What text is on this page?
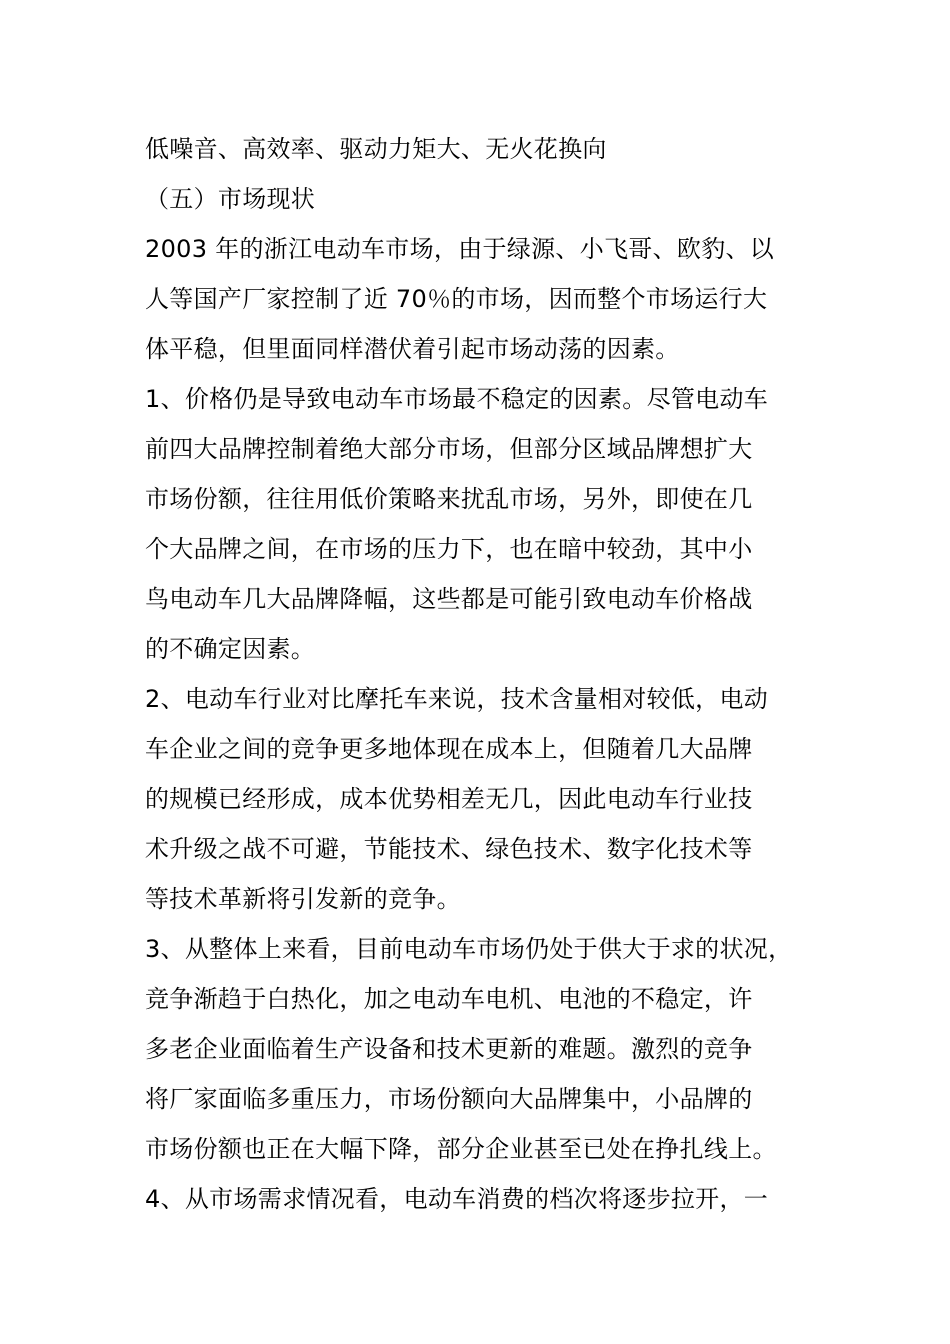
低噪音、高效率、驱动力矩大、无火花换向
（五）市场现状
2003 年的浙江电动车市场，由于绿源、小飞哥、欧豹、以
人等国产厂家控制了近 70％的市场，因而整个市场运行大
体平稳，但里面同样潜伏着引起市场动荡的因素。
1、价格仍是导致电动车市场最不稳定的因素。尽管电动车
前四大品牌控制着绝大部分市场，但部分区域品牌想扩大
市场份额，往往用低价策略来扰乱市场，另外，即使在几
个大品牌之间，在市场的压力下，也在暗中较劲，其中小
鸟电动车几大品牌降幅，这些都是可能引致电动车价格战
的不确定因素。
2、电动车行业对比摩托车来说，技术含量相对较低，电动
车企业之间的竞争更多地体现在成本上，但随着几大品牌
的规模已经形成，成本优势相差无几，因此电动车行业技
术升级之战不可避，节能技术、绿色技术、数字化技术等
等技术革新将引发新的竞争。
3、从整体上来看，目前电动车市场仍处于供大于求的状况，
竞争渐趋于白热化，加之电动车电机、电池的不稳定，许
多老企业面临着生产设备和技术更新的难题。激烈的竞争
将厂家面临多重压力，市场份额向大品牌集中，小品牌的
市场份额也正在大幅下降，部分企业甚至已处在挣扎线上。
4、从市场需求情况看，电动车消费的档次将逐步拉开，一
